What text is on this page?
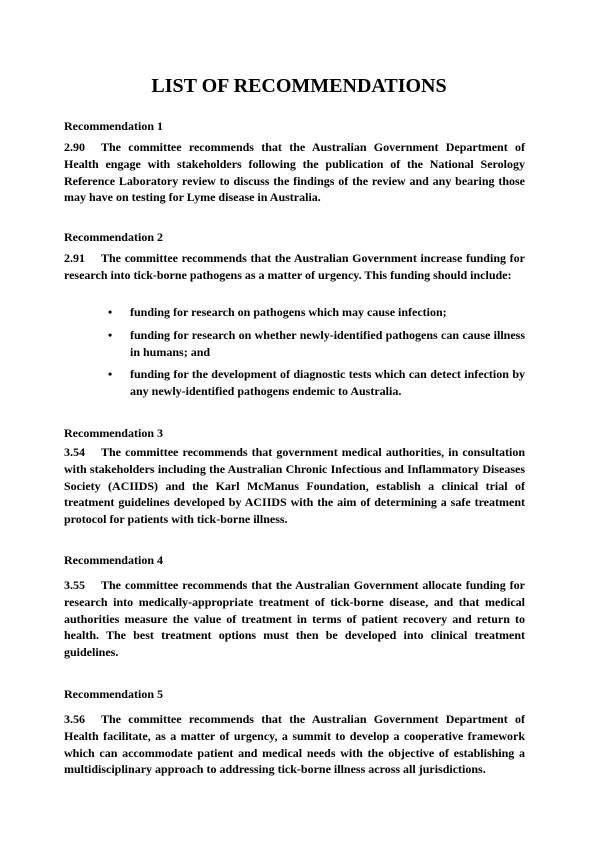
LIST OF RECOMMENDATIONS
Recommendation 1
2.90 The committee recommends that the Australian Government Department of Health engage with stakeholders following the publication of the National Serology Reference Laboratory review to discuss the findings of the review and any bearing those may have on testing for Lyme disease in Australia.
Recommendation 2
2.91 The committee recommends that the Australian Government increase funding for research into tick-borne pathogens as a matter of urgency. This funding should include:
• funding for research on pathogens which may cause infection;
• funding for research on whether newly-identified pathogens can cause illness in humans; and
• funding for the development of diagnostic tests which can detect infection by any newly-identified pathogens endemic to Australia.
Recommendation 3
3.54 The committee recommends that government medical authorities, in consultation with stakeholders including the Australian Chronic Infectious and Inflammatory Diseases Society (ACIIDS) and the Karl McManus Foundation, establish a clinical trial of treatment guidelines developed by ACIIDS with the aim of determining a safe treatment protocol for patients with tick-borne illness.
Recommendation 4
3.55 The committee recommends that the Australian Government allocate funding for research into medically-appropriate treatment of tick-borne disease, and that medical authorities measure the value of treatment in terms of patient recovery and return to health. The best treatment options must then be developed into clinical treatment guidelines.
Recommendation 5
3.56 The committee recommends that the Australian Government Department of Health facilitate, as a matter of urgency, a summit to develop a cooperative framework which can accommodate patient and medical needs with the objective of establishing a multidisciplinary approach to addressing tick-borne illness across all jurisdictions.
